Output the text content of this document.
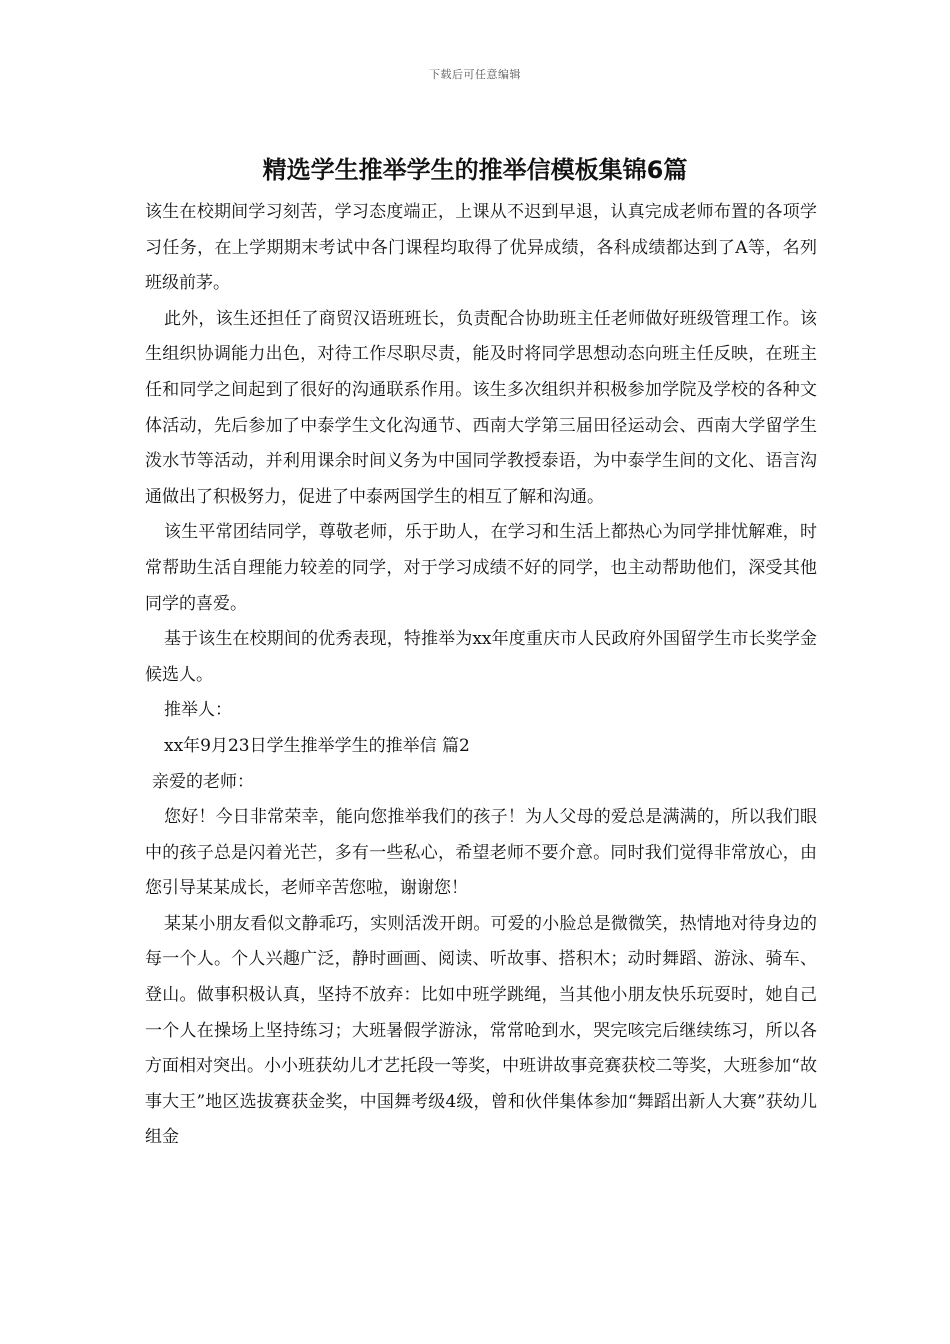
下载后可任意编辑
精选学生推举学生的推举信模板集锦6篇

该生在校期间学习刻苦，学习态度端正，上课从不迟到早退，认真完成老师布置的各项学习任务，在上学期期末考试中各门课程均取得了优异成绩，各科成绩都达到了A等，名列班级前茅。

此外，该生还担任了商贸汉语班班长，负责配合协助班主任老师做好班级管理工作。该生组织协调能力出色，对待工作尽职尽责，能及时将同学思想动态向班主任反映，在班主任和同学之间起到了很好的沟通联系作用。该生多次组织并积极参加学院及学校的各种文体活动，先后参加了中泰学生文化沟通节、西南大学第三届田径运动会、西南大学留学生泼水节等活动，并利用课余时间义务为中国同学教授泰语，为中泰学生间的文化、语言沟通做出了积极努力，促进了中泰两国学生的相互了解和沟通。

该生平常团结同学，尊敬老师，乐于助人，在学习和生活上都热心为同学排忧解难，时常帮助生活自理能力较差的同学，对于学习成绩不好的同学，也主动帮助他们，深受其他同学的喜爱。

基于该生在校期间的优秀表现，特推举为xx年度重庆市人民政府外国留学生市长奖学金候选人。

推举人：

xx年9月23日学生推举学生的推举信 篇2

亲爱的老师：

您好！今日非常荣幸，能向您推举我们的孩子！为人父母的爱总是满满的，所以我们眼中的孩子总是闪着光芒，多有一些私心，希望老师不要介意。同时我们觉得非常放心，由您引导某某成长，老师辛苦您啦，谢谢您！

某某小朋友看似文静乖巧，实则活泼开朗。可爱的小脸总是微微笑，热情地对待身边的每一个人。个人兴趣广泛，静时画画、阅读、听故事、搭积木；动时舞蹈、游泳、骑车、登山。做事积极认真，坚持不放弃：比如中班学跳绳，当其他小朋友快乐玩耍时，她自己一个人在操场上坚持练习；大班暑假学游泳，常常呛到水，哭完咳完后继续练习，所以各方面相对突出。小小班获幼儿才艺托段一等奖，中班讲故事竞赛获校二等奖，大班参加“故事大王”地区选拔赛获金奖，中国舞考级4级，曾和伙伴集体参加“舞蹈出新人大赛”获幼儿组金
